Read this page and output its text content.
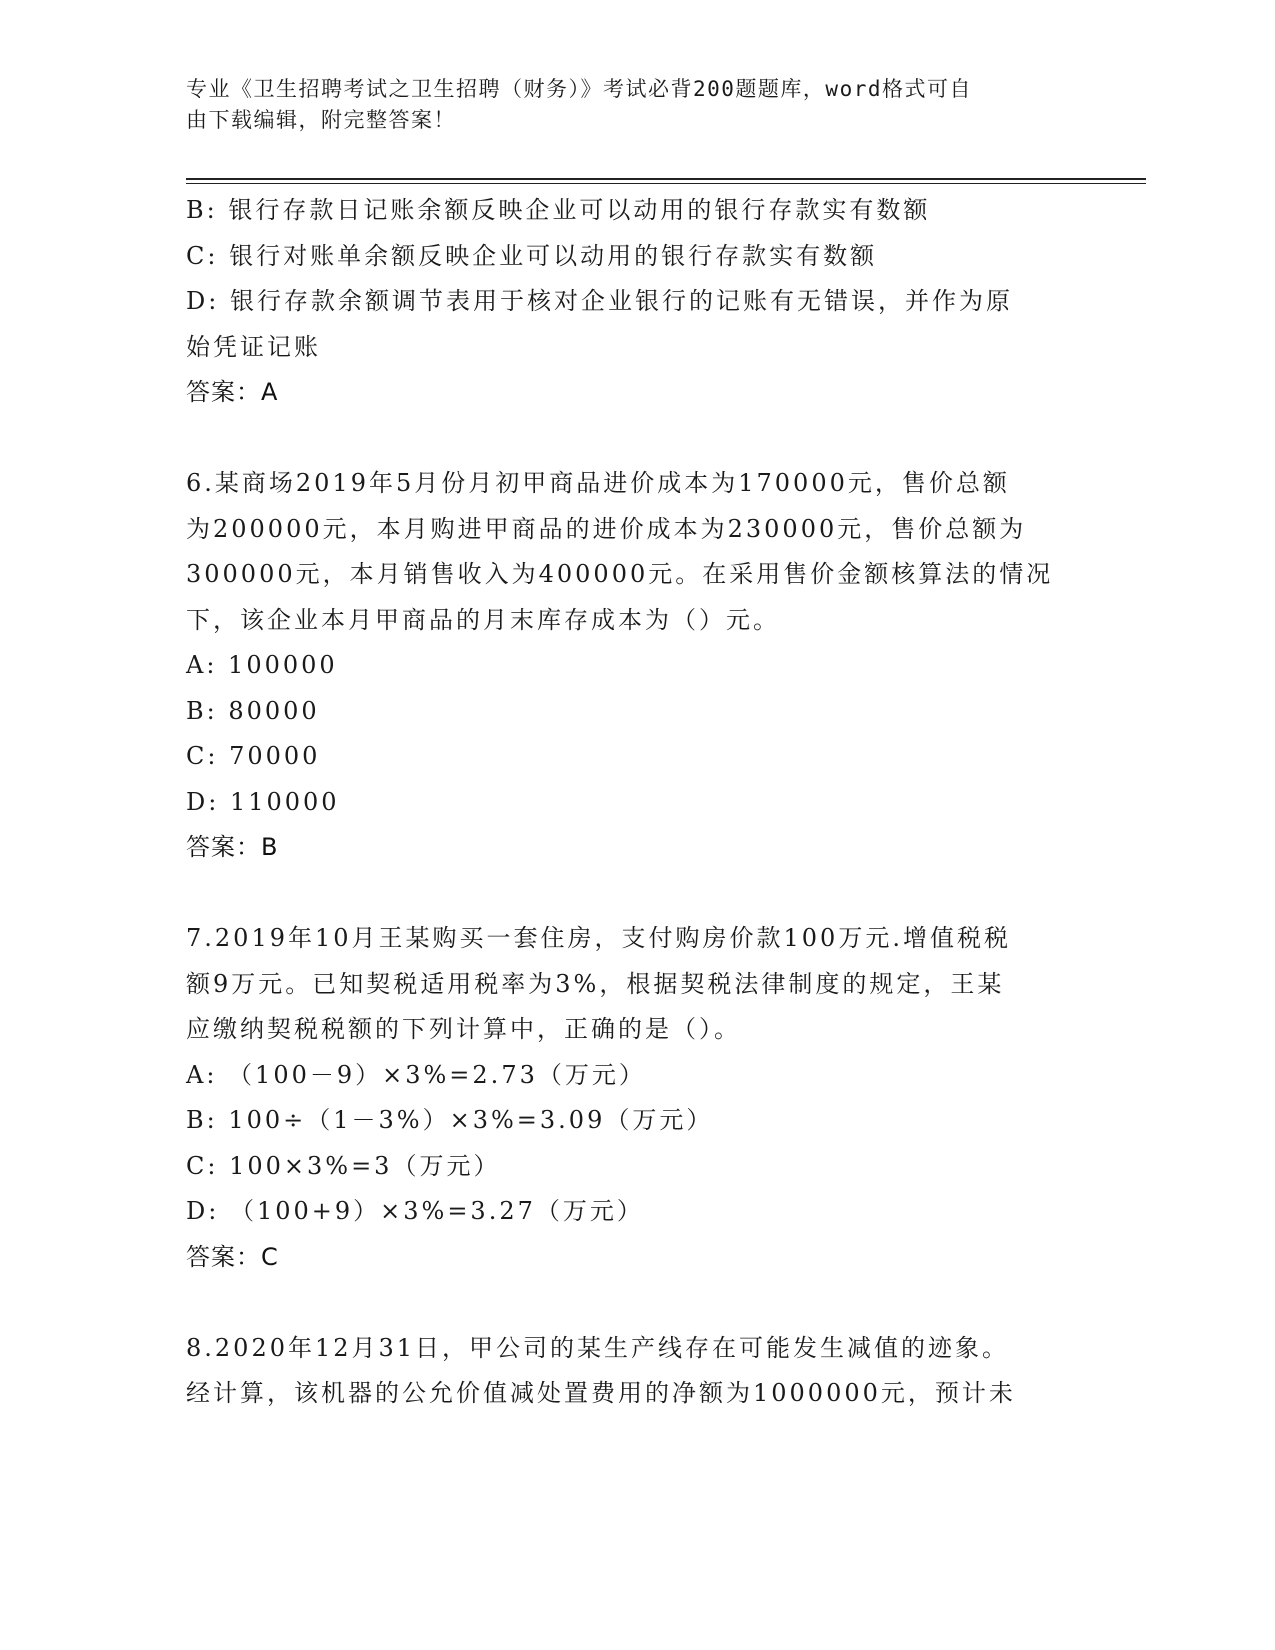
专业《卫生招聘考试之卫生招聘（财务）》考试必背200题题库，word格式可自
由下载编辑，附完整答案！
B: 银行存款日记账余额反映企业可以动用的银行存款实有数额
C: 银行对账单余额反映企业可以动用的银行存款实有数额
D: 银行存款余额调节表用于核对企业银行的记账有无错误，并作为原
始凭证记账
答案：A
6.某商场2019年5月份月初甲商品进价成本为170000元，售价总额
为200000元，本月购进甲商品的进价成本为230000元，售价总额为
300000元，本月销售收入为400000元。在采用售价金额核算法的情况
下，该企业本月甲商品的月末库存成本为（）元。
A: 100000
B: 80000
C: 70000
D: 110000
答案：B
7.2019年10月王某购买一套住房，支付购房价款100万元.增值税税
额9万元。已知契税适用税率为3%，根据契税法律制度的规定，王某
应缴纳契税税额的下列计算中，正确的是（）。
A: （100－9）×3%=2.73（万元）
B: 100÷（1－3%）×3%=3.09（万元）
C: 100×3%=3（万元）
D: （100+9）×3%=3.27（万元）
答案：C
8.2020年12月31日，甲公司的某生产线存在可能发生减值的迹象。
经计算，该机器的公允价值减处置费用的净额为1000000元，预计未
